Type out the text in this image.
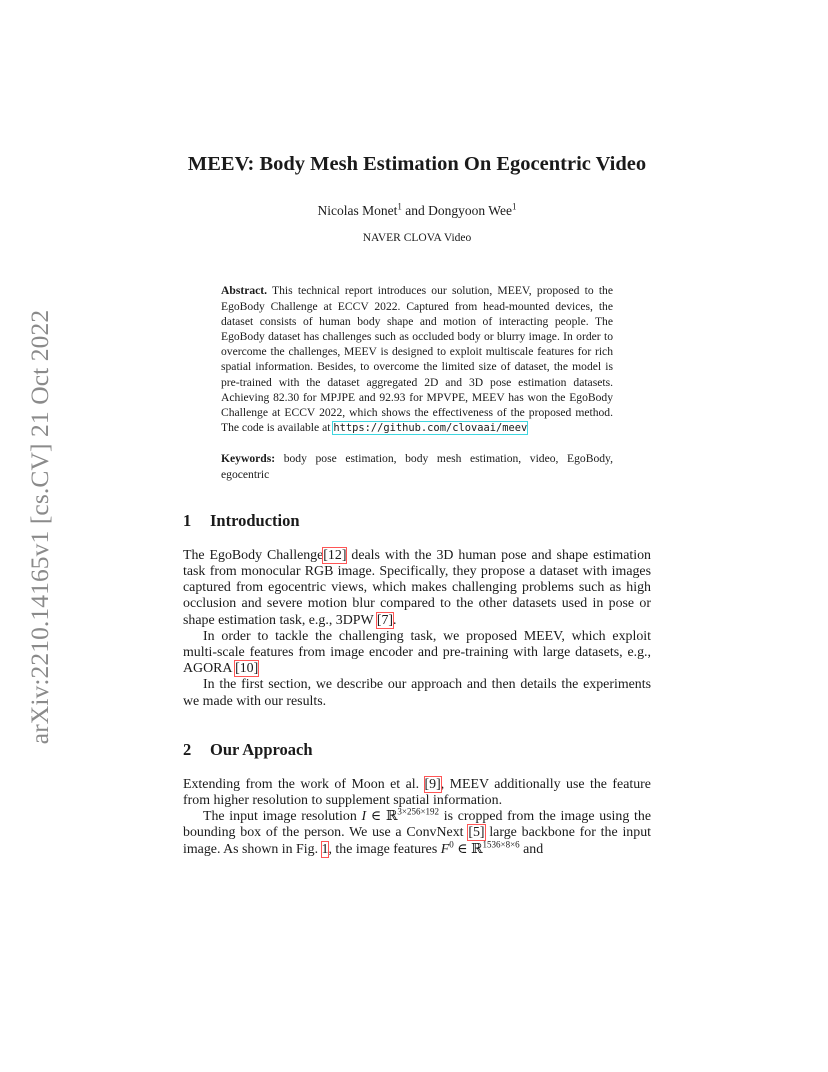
arXiv:2210.14165v1 [cs.CV] 21 Oct 2022
MEEV: Body Mesh Estimation On Egocentric Video
Nicolas Monet$^1$ and Dongyoon Wee$^1$
NAVER CLOVA Video
Abstract. This technical report introduces our solution, MEEV, proposed to the EgoBody Challenge at ECCV 2022. Captured from head-mounted devices, the dataset consists of human body shape and motion of interacting people. The EgoBody dataset has challenges such as occluded body or blurry image. In order to overcome the challenges, MEEV is designed to exploit multiscale features for rich spatial information. Besides, to overcome the limited size of dataset, the model is pre-trained with the dataset aggregated 2D and 3D pose estimation datasets. Achieving 82.30 for MPJPE and 92.93 for MPVPE, MEEV has won the EgoBody Challenge at ECCV 2022, which shows the effectiveness of the proposed method. The code is available at https://github.com/clovaai/meev
Keywords: body pose estimation, body mesh estimation, video, EgoBody, egocentric
1 Introduction

The EgoBody Challenge[12] deals with the 3D human pose and shape estimation task from monocular RGB image. Specifically, they propose a dataset with images captured from egocentric views, which makes challenging problems such as high occlusion and severe motion blur compared to the other datasets used in pose or shape estimation task, e.g., 3DPW [7].

In order to tackle the challenging task, we proposed MEEV, which exploit multi-scale features from image encoder and pre-training with large datasets, e.g., AGORA [10]

In the first section, we describe our approach and then details the experiments we made with our results.

2 Our Approach

Extending from the work of Moon et al. [9], MEEV additionally use the feature from higher resolution to supplement spatial information.

The input image resolution I ∈ ℝ$^{3\times 256\times 192}$ is cropped from the image using the bounding box of the person. We use a ConvNext [5] large backbone for the input image. As shown in Fig. 1, the image features $F^0$ ∈ ℝ$^{1536\times 8\times 6}$ and
